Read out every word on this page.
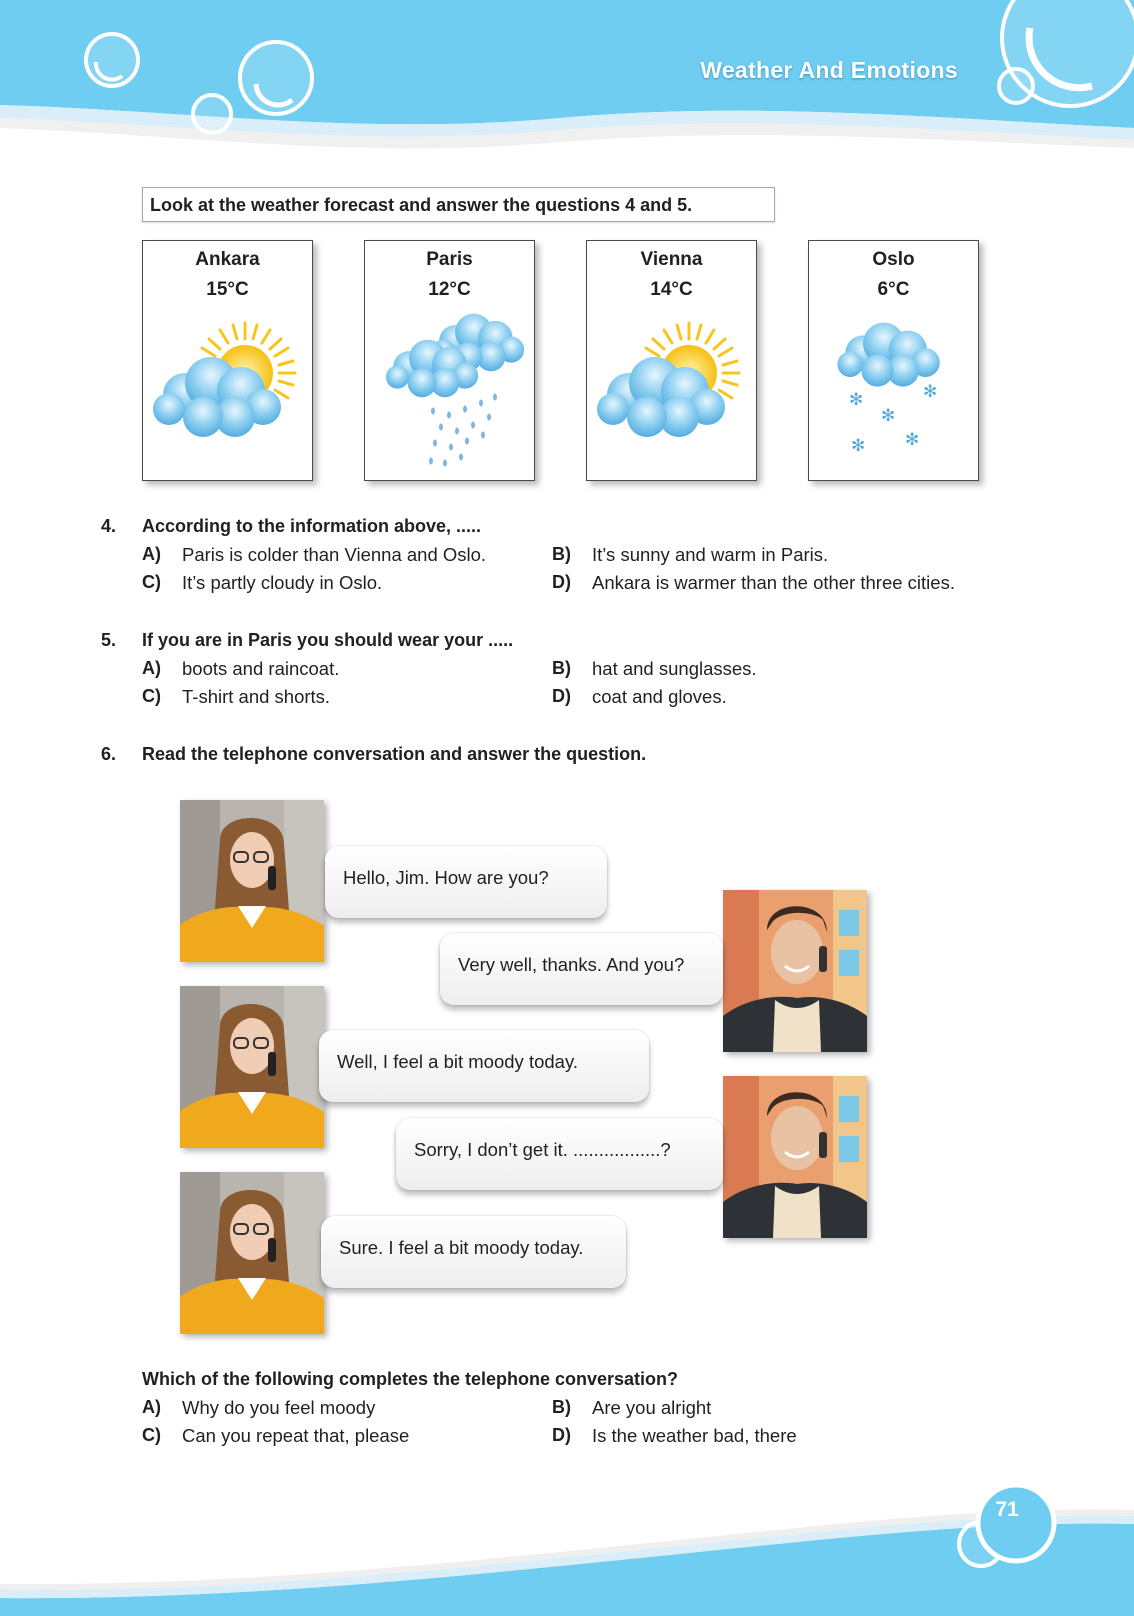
Weather And Emotions
Look at the weather forecast and answer the questions 4 and 5.
Ankara
15°C
Paris
12°C
Vienna
14°C
Oslo
6°C
✻	✻
✻
✻ ✻
4. According to the information above, .....
A) Paris is colder than Vienna and Oslo.	B) It’s sunny and warm in Paris.
C) It’s partly cloudy in Oslo.	D) Ankara is warmer than the other three cities.
5. If you are in Paris you should wear your .....
A) boots and raincoat.	B) hat and sunglasses.
C) T-shirt and shorts.	D) coat and gloves.
6. Read the telephone conversation and answer the question.
Hello, Jim. How are you?
Very well, thanks. And you?
Well, I feel a bit moody today.
Sorry, I don’t get it. .................?
Sure. I feel a bit moody today.
Which of the following completes the telephone conversation?
A) Why do you feel moody	B) Are you alright
C) Can you repeat that, please	D) Is the weather bad, there
71
